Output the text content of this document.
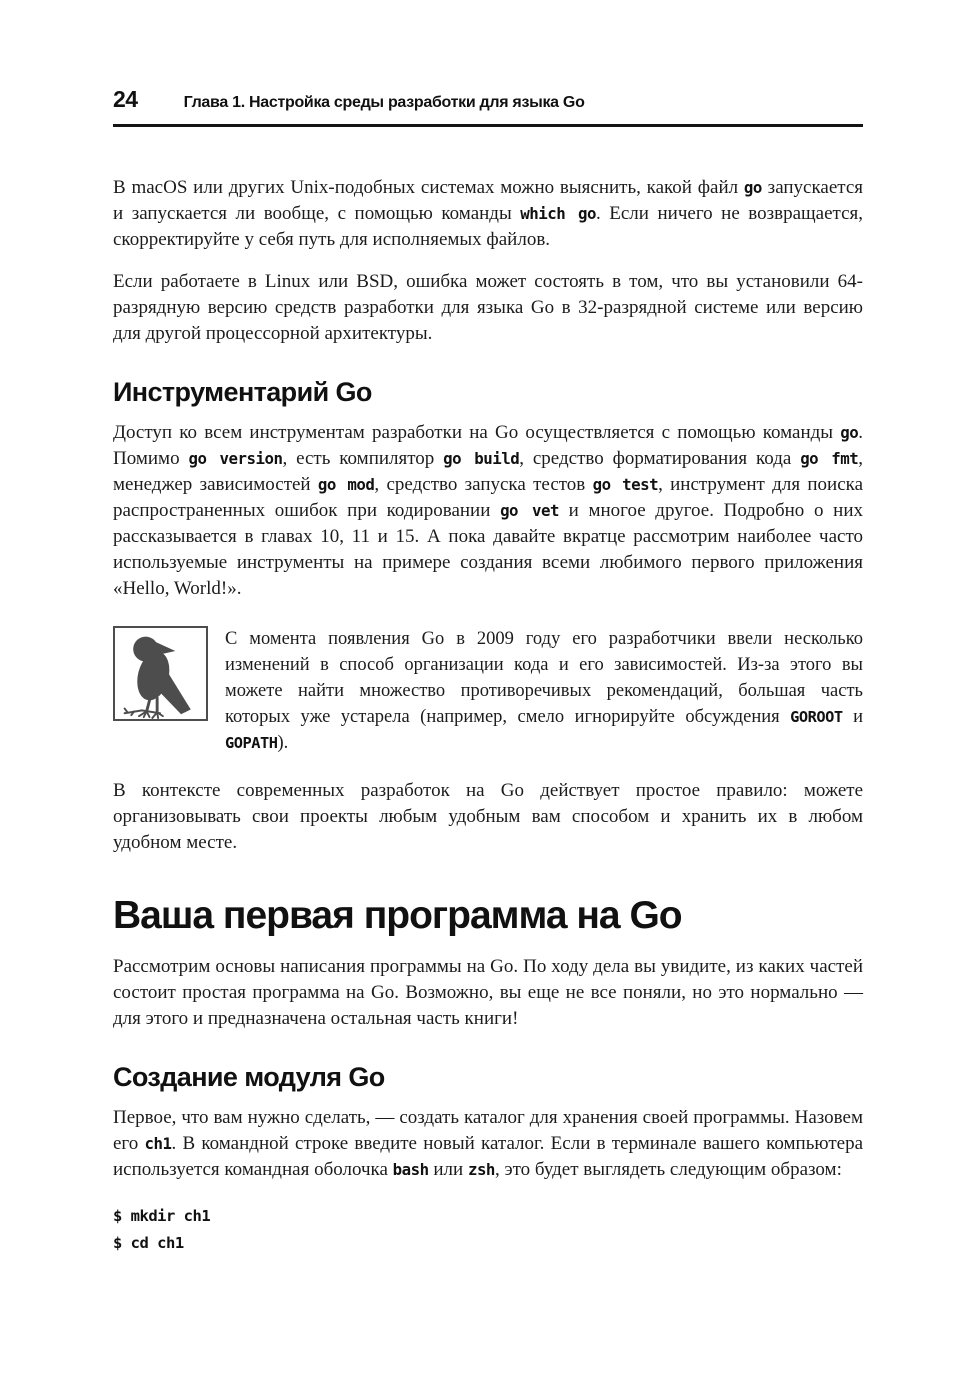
24	Глава 1. Настройка среды разработки для языка Go

В macOS или других Unix-подобных системах можно выяснить, какой файл go запускается и запускается ли вообще, с помощью команды which go. Если ничего не возвращается, скорректируйте у себя путь для исполняемых файлов.

Если работаете в Linux или BSD, ошибка может состоять в том, что вы установили 64-разрядную версию средств разработки для языка Go в 32-разрядной системе или версию для другой процессорной архитектуры.

Инструментарий Go

Доступ ко всем инструментам разработки на Go осуществляется с помощью команды go. Помимо go version, есть компилятор go build, средство форматирования кода go fmt, менеджер зависимостей go mod, средство запуска тестов go test, инструмент для поиска распространенных ошибок при кодировании go vet и многое другое. Подробно о них рассказывается в главах 10, 11 и 15. А пока давайте вкратце рассмотрим наиболее часто используемые инструменты на примере создания всеми любимого первого приложения «Hello, World!».

С момента появления Go в 2009 году его разработчики ввели несколько изменений в способ организации кода и его зависимостей. Из-за этого вы можете найти множество противоречивых рекомендаций, большая часть которых уже устарела (например, смело игнорируйте обсуждения GOROOT и GOPATH).

В контексте современных разработок на Go действует простое правило: можете организовывать свои проекты любым удобным вам способом и хранить их в любом удобном месте.

Ваша первая программа на Go

Рассмотрим основы написания программы на Go. По ходу дела вы увидите, из каких частей состоит простая программа на Go. Возможно, вы еще не все поняли, но это нормально — для этого и предназначена остальная часть книги!

Создание модуля Go

Первое, что вам нужно сделать, — создать каталог для хранения своей программы. Назовем его ch1. В командной строке введите новый каталог. Если в терминале вашего компьютера используется командная оболочка bash или zsh, это будет выглядеть следующим образом:

$ mkdir ch1
$ cd ch1
